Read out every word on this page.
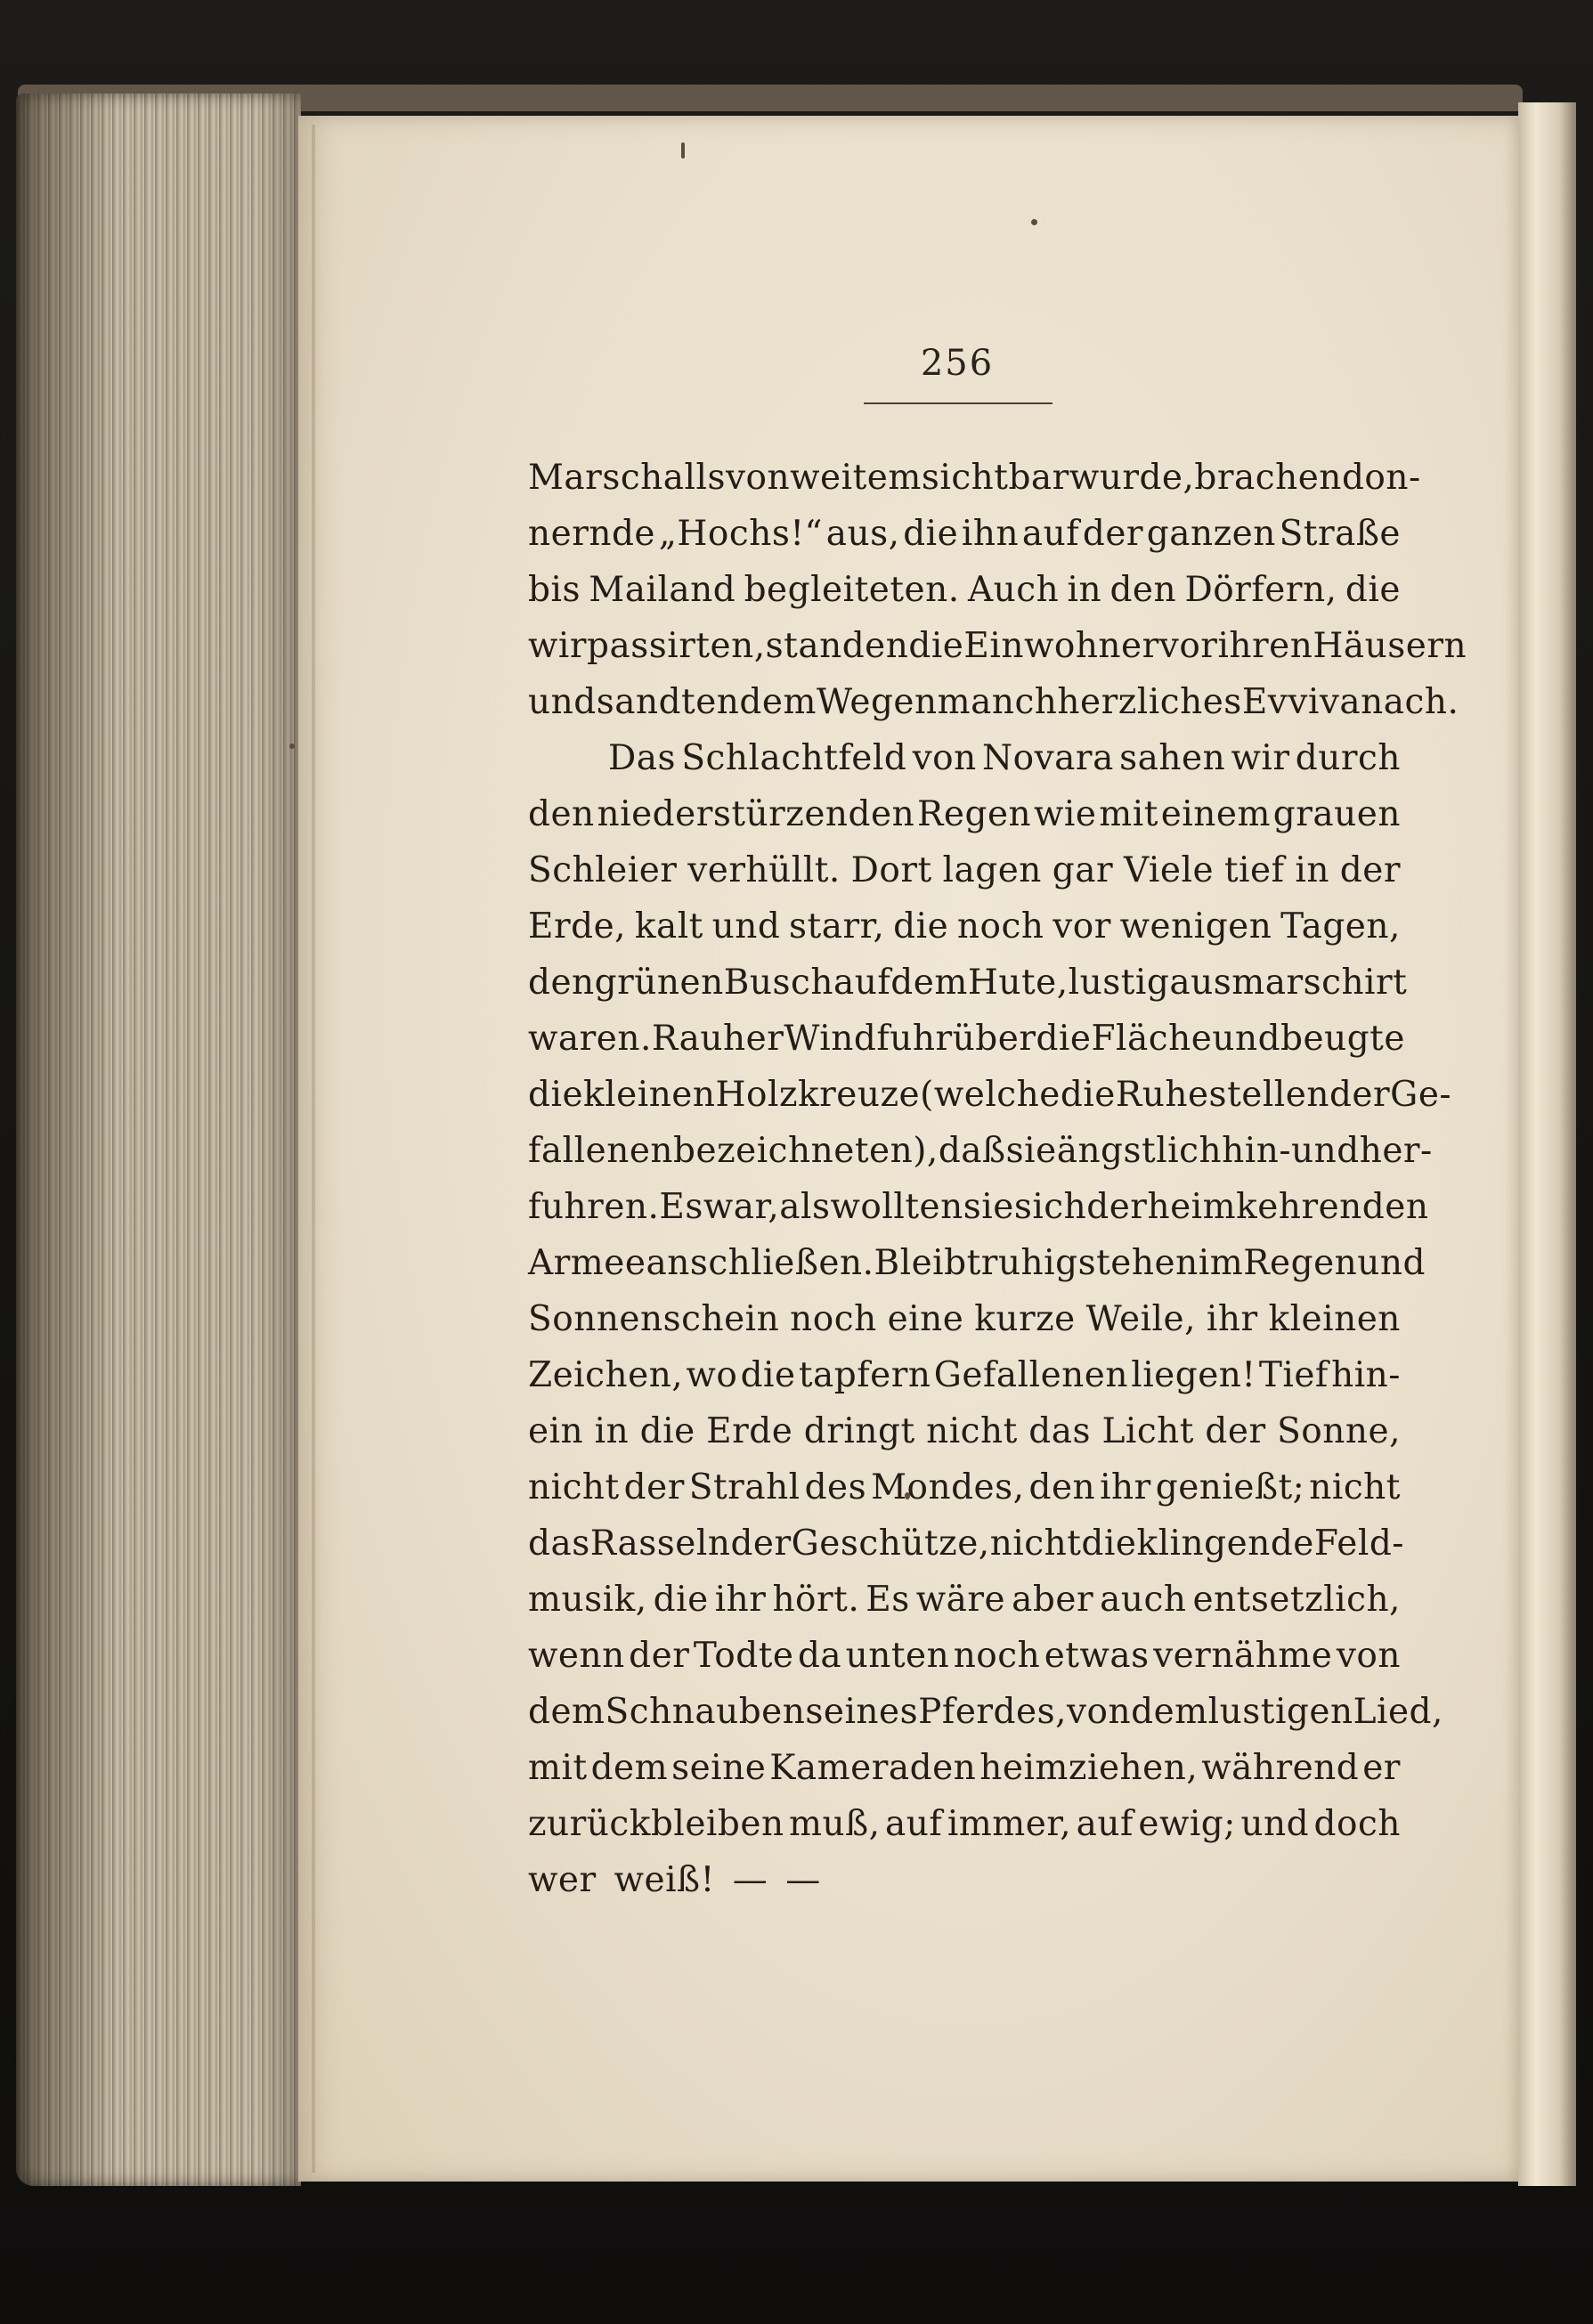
256
Marschalls von weitem sichtbar wurde, brachen don-
nernde „Hochs!“ aus, die ihn auf der ganzen Straße
bis Mailand begleiteten. Auch in den Dörfern, die
wir passirten, standen die Einwohner vor ihren Häusern
und sandten dem Wegen manch herzliches Evviva nach.
Das Schlachtfeld von Novara sahen wir durch
den niederstürzenden Regen wie mit einem grauen
Schleier verhüllt. Dort lagen gar Viele tief in der
Erde, kalt und starr, die noch vor wenigen Tagen,
den grünen Busch auf dem Hute, lustig ausmarschirt
waren. Rauher Wind fuhr über die Fläche und beugte
die kleinen Holzkreuze (welche die Ruhestellen der Ge-
fallenen bezeichneten), daß sie ängstlich hin- und her-
fuhren. Es war, als wollten sie sich der heimkehrenden
Armee anschließen. Bleibt ruhig stehen im Regen und
Sonnenschein noch eine kurze Weile, ihr kleinen
Zeichen, wo die tapfern Gefallenen liegen! Tief hin-
ein in die Erde dringt nicht das Licht der Sonne,
nicht der Strahl des Mondes, den ihr genießt; nicht
das Rasseln der Geschütze, nicht die klingende Feld-
musik, die ihr hört. Es wäre aber auch entsetzlich,
wenn der Todte da unten noch etwas vernähme von
dem Schnauben seines Pferdes, von dem lustigen Lied,
mit dem seine Kameraden heimziehen, während er
zurückbleiben muß, auf immer, auf ewig; und doch
wer weiß! — —
